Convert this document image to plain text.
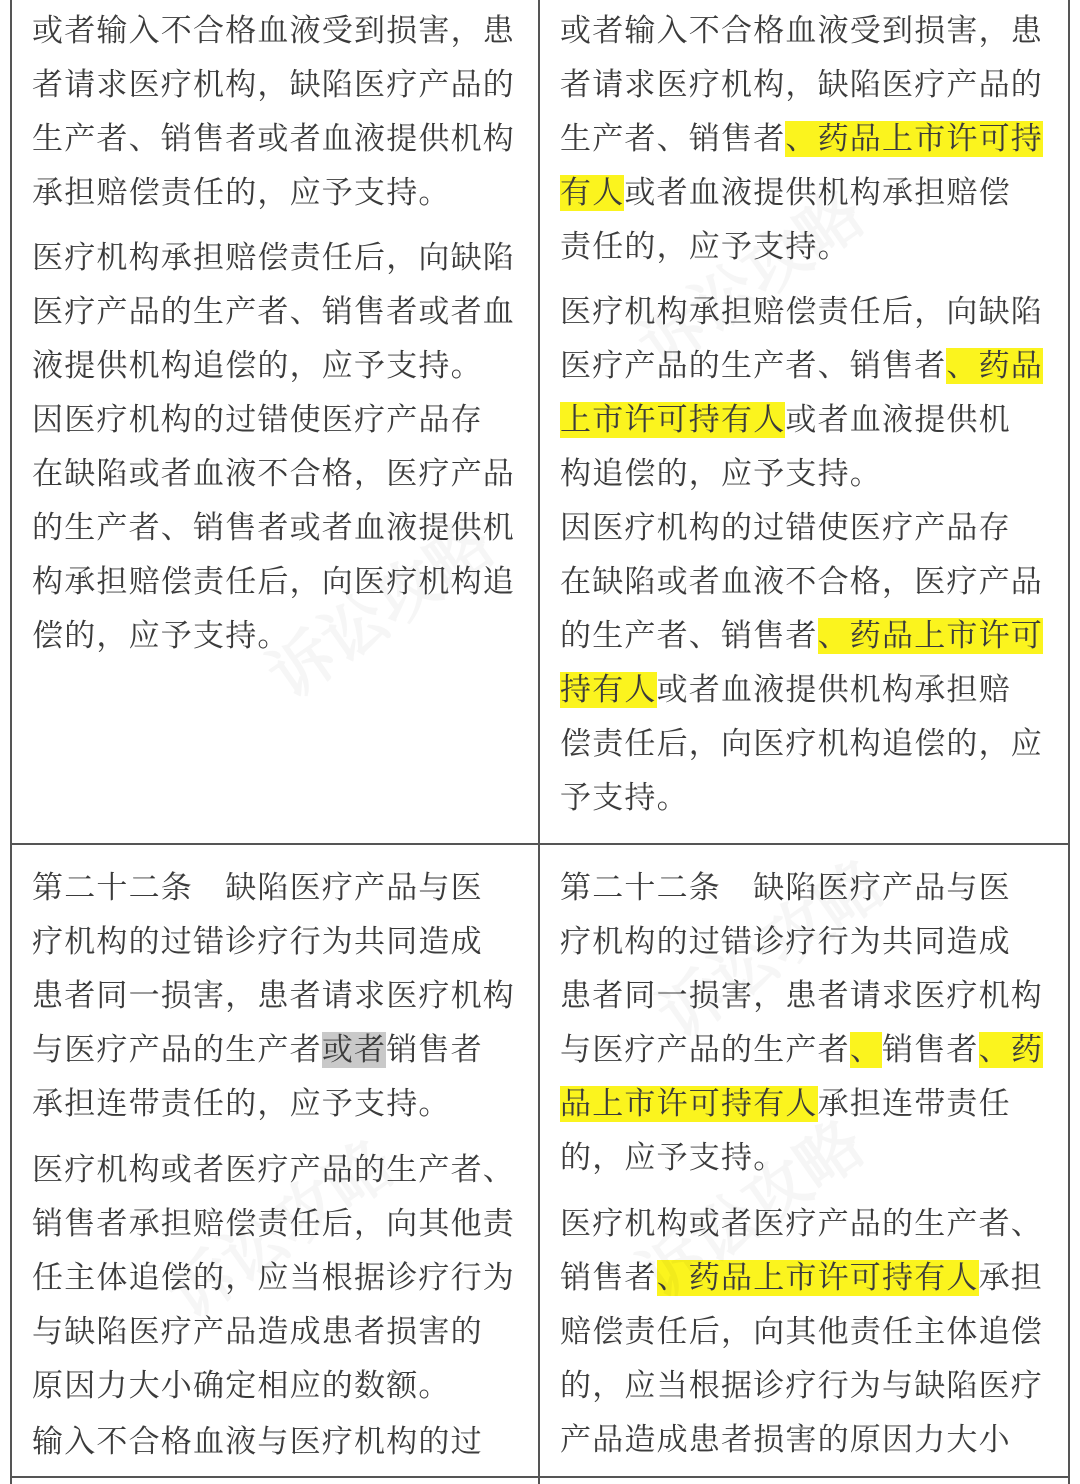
或者输入不合格血液受到损害，患
者请求医疗机构，缺陷医疗产品的
生产者、销售者或者血液提供机构
承担赔偿责任的，应予支持。
医疗机构承担赔偿责任后，向缺陷
医疗产品的生产者、销售者或者血
液提供机构追偿的，应予支持。
因医疗机构的过错使医疗产品存
在缺陷或者血液不合格，医疗产品
的生产者、销售者或者血液提供机
构承担赔偿责任后，向医疗机构追
偿的，应予支持。
或者输入不合格血液受到损害，患
者请求医疗机构，缺陷医疗产品的
生产者、销售者、药品上市许可持
有人或者血液提供机构承担赔偿
责任的，应予支持。
医疗机构承担赔偿责任后，向缺陷
医疗产品的生产者、销售者、药品
上市许可持有人或者血液提供机
构追偿的，应予支持。
因医疗机构的过错使医疗产品存
在缺陷或者血液不合格，医疗产品
的生产者、销售者、药品上市许可
持有人或者血液提供机构承担赔
偿责任后，向医疗机构追偿的，应
予支持。
第二十二条　缺陷医疗产品与医
疗机构的过错诊疗行为共同造成
患者同一损害，患者请求医疗机构
与医疗产品的生产者或者销售者
承担连带责任的，应予支持。
医疗机构或者医疗产品的生产者、
销售者承担赔偿责任后，向其他责
任主体追偿的，应当根据诊疗行为
与缺陷医疗产品造成患者损害的
原因力大小确定相应的数额。
输入不合格血液与医疗机构的过
第二十二条　缺陷医疗产品与医
疗机构的过错诊疗行为共同造成
患者同一损害，患者请求医疗机构
与医疗产品的生产者、销售者、药
品上市许可持有人承担连带责任
的，应予支持。
医疗机构或者医疗产品的生产者、
销售者、药品上市许可持有人承担
赔偿责任后，向其他责任主体追偿
的，应当根据诊疗行为与缺陷医疗
产品造成患者损害的原因力大小
